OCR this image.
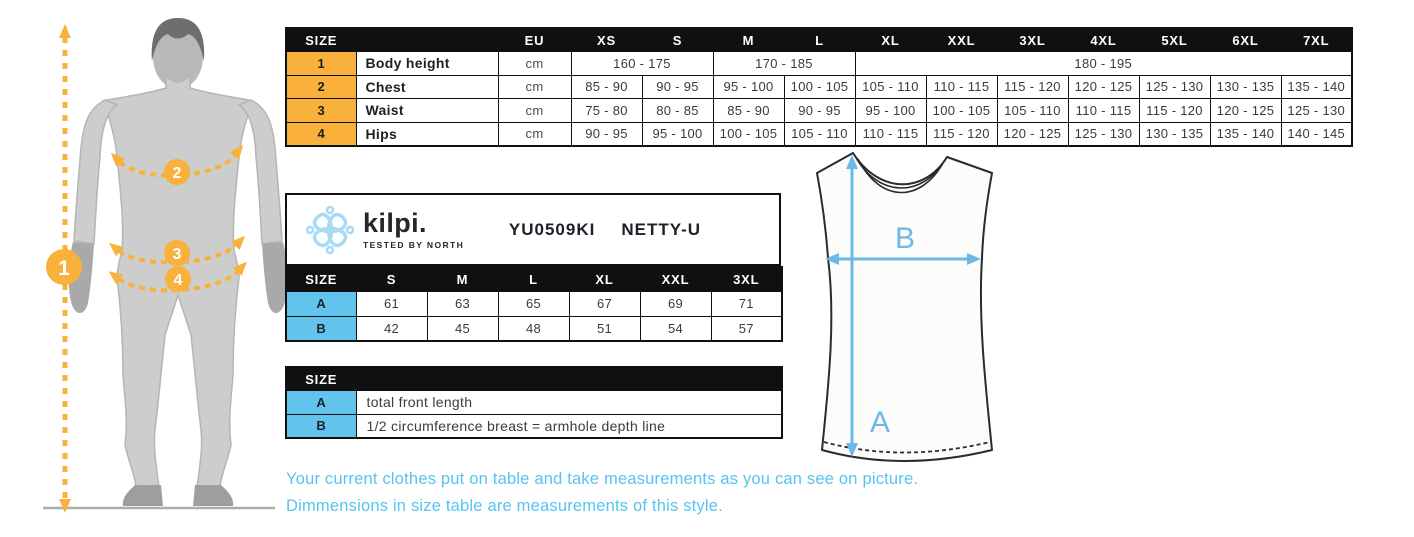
1
2
3
4
SIZE		EU	XS	S	M	L	XL	XXL	3XL	4XL	5XL	6XL	7XL
1	Body height	cm	160 - 175		170 - 185		180 - 195						
2	Chest	cm	85 - 90	90 - 95	95 - 100	100 - 105	105 - 110	110 - 115	115 - 120	120 - 125	125 - 130	130 - 135	135 - 140
3	Waist	cm	75 - 80	80 - 85	85 - 90	90 - 95	95 - 100	100 - 105	105 - 110	110 - 115	115 - 120	120 - 125	125 - 130
4	Hips	cm	90 - 95	95 - 100	100 - 105	105 - 110	110 - 115	115 - 120	120 - 125	125 - 130	130 - 135	135 - 140	140 - 145
kilpi.
TESTED BY NORTH
YU0509KI NETTY-U
SIZE	S	M	L	XL	XXL	3XL
A	61	63	65	67	69	71
B	42	45	48	51	54	57
SIZE	
A	total front length
B	1/2 circumference breast = armhole depth line
B
A
Your current clothes put on table and take measurements as you can see on picture.
Dimmensions in size table are measurements of this style.
